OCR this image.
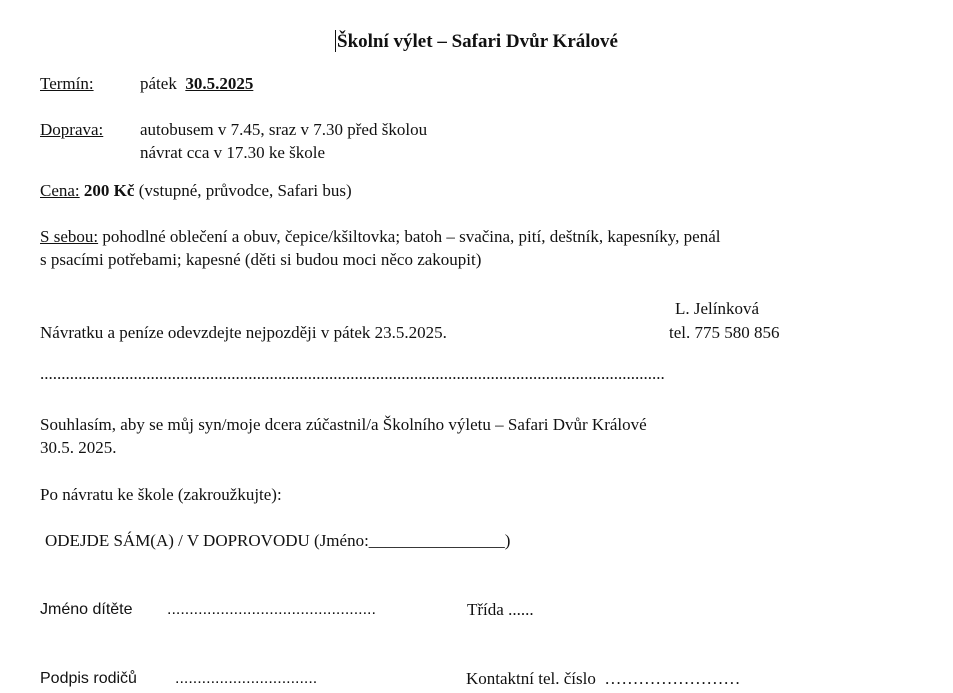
Školní výlet – Safari Dvůr Králové
Termín:	pátek 30.5.2025
Doprava: autobusem v 7.45, sraz v 7.30 před školou
návrat cca v 17.30 ke škole
Cena: 200 Kč (vstupné, průvodce, Safari bus)
S sebou: pohodlné oblečení a obuv, čepice/kšiltovka; batoh – svačina, pití, deštník, kapesníky, penál
s psacími potřebami; kapesné (děti si budou moci něco zakoupit)
L. Jelínková
Návratku a peníze odevzdejte nejpozději v pátek 23.5.2025.	tel. 775 580 856
...................................................................................................................................................
Souhlasím, aby se můj syn/moje dcera zúčastnil/a Školního výletu – Safari Dvůr Králové
30.5. 2025.
Po návratu ke škole (zakroužkujte):
ODEJDE SÁM(A) / V DOPROVODU (Jméno:________________)
Jméno dítěte ...............................................	Třída ......
Podpis rodičů ................................	Kontaktní tel. číslo ……………………
